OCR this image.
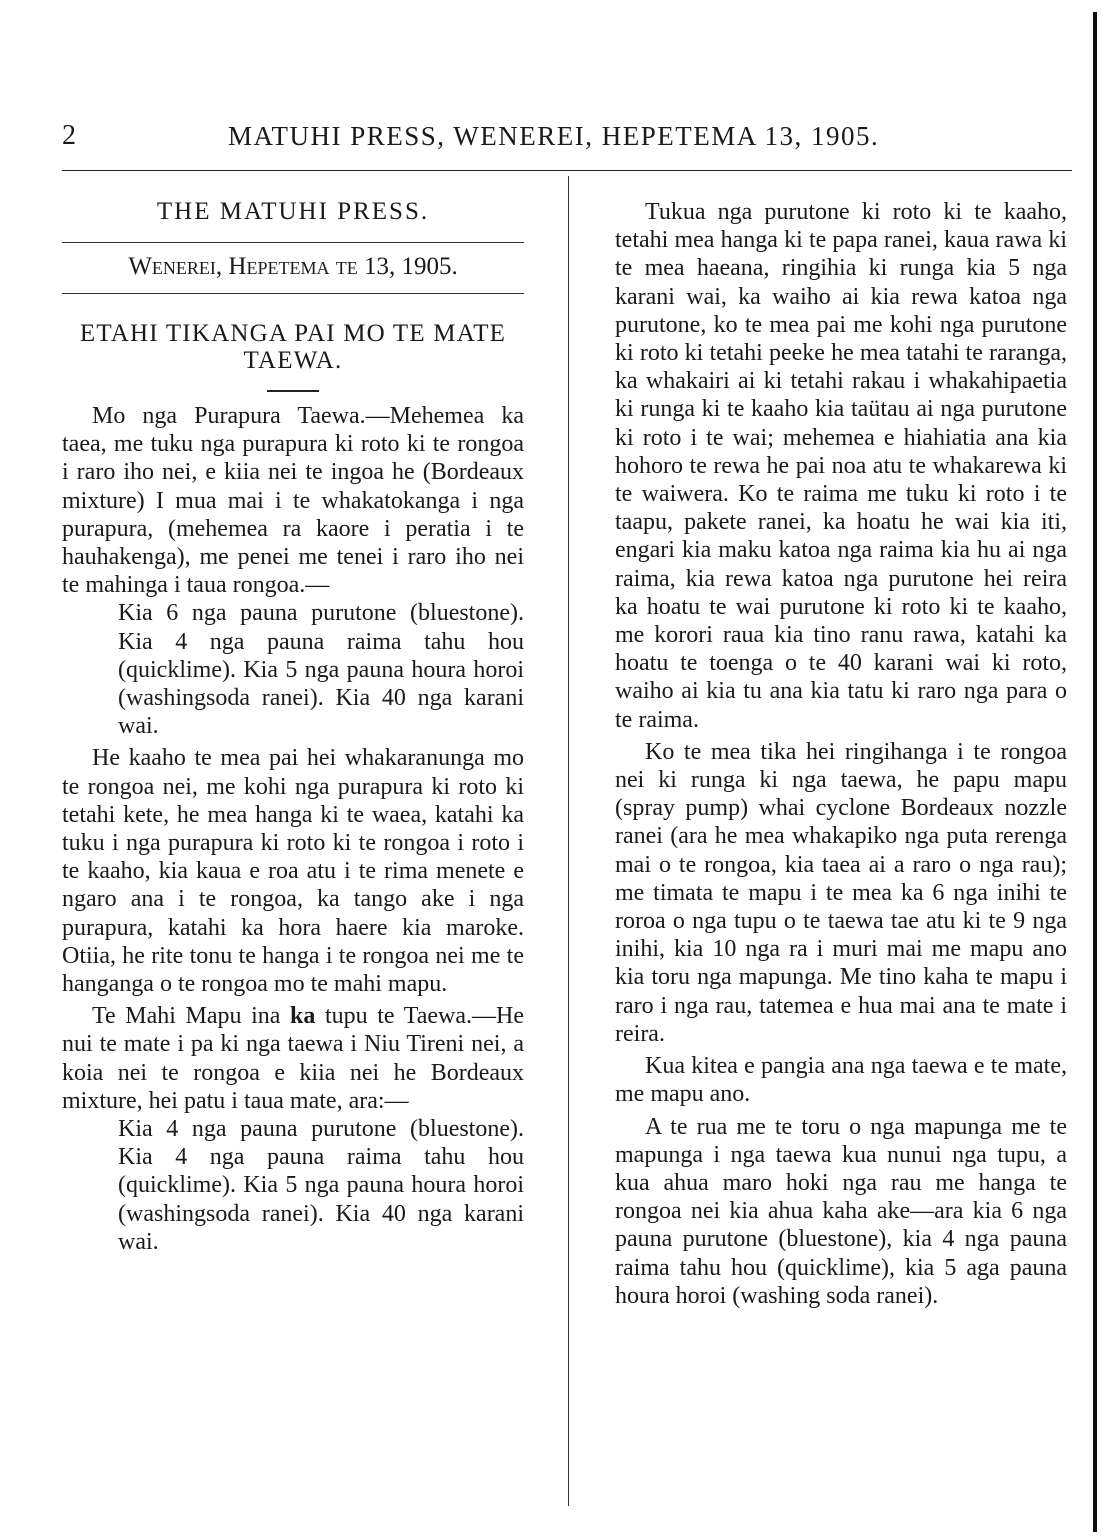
2	MATUHI PRESS, WENEREI, HEPETEMA 13, 1905.
THE MATUHI PRESS.
Wenerei, Hepetema te 13, 1905.
ETAHI TIKANGA PAI MO TE MATE TAEWA.

Mo nga Purapura Taewa.—Mehemea ka taea, me tuku nga purapura ki roto ki te rongoa i raro iho nei, e kiia nei te ingoa he (Bordeaux mixture) I mua mai i te whakatokanga i nga purapura, (mehemea ra kaore i peratia i te hauhakenga), me penei me tenei i raro iho nei te mahinga i taua rongoa.—

Kia 6 nga pauna purutone (bluestone). Kia 4 nga pauna raima tahu hou (quicklime). Kia 5 nga pauna houra horoi (washingsoda ranei). Kia 40 nga karani wai.

He kaaho te mea pai hei whakaranunga mo te rongoa nei, me kohi nga purapura ki roto ki tetahi kete, he mea hanga ki te waea, katahi ka tuku i nga purapura ki roto ki te rongoa i roto i te kaaho, kia kaua e roa atu i te rima menete e ngaro ana i te rongoa, ka tango ake i nga purapura, katahi ka hora haere kia maroke. Otiia, he rite tonu te hanga i te rongoa nei me te hanganga o te rongoa mo te mahi mapu.

Te Mahi Mapu ina ka tupu te Taewa.—He nui te mate i pa ki nga taewa i Niu Tireni nei, a koia nei te rongoa e kiia nei he Bordeaux mixture, hei patu i taua mate, ara:—

Kia 4 nga pauna purutone (bluestone). Kia 4 nga pauna raima tahu hou (quicklime). Kia 5 nga pauna houra horoi (washingsoda ranei). Kia 40 nga karani wai.

Tukua nga purutone ki roto ki te kaaho, tetahi mea hanga ki te papa ranei, kaua rawa ki te mea haeana, ringihia ki runga kia 5 nga karani wai, ka waiho ai kia rewa katoa nga purutone, ko te mea pai me kohi nga purutone ki roto ki tetahi peeke he mea tatahi te raranga, ka whakairi ai ki tetahi rakau i whakahipaetia ki runga ki te kaaho kia taütau ai nga purutone ki roto i te wai; mehemea e hiahiatia ana kia hohoro te rewa he pai noa atu te whakarewa ki te waiwera. Ko te raima me tuku ki roto i te taapu, pakete ranei, ka hoatu he wai kia iti, engari kia maku katoa nga raima kia hu ai nga raima, kia rewa katoa nga purutone hei reira ka hoatu te wai purutone ki roto ki te kaaho, me korori raua kia tino ranu rawa, katahi ka hoatu te toenga o te 40 karani wai ki roto, waiho ai kia tu ana kia tatu ki raro nga para o te raima.

Ko te mea tika hei ringihanga i te rongoa nei ki runga ki nga taewa, he papu mapu (spray pump) whai cyclone Bordeaux nozzle ranei (ara he mea whakapiko nga puta rerenga mai o te rongoa, kia taea ai a raro o nga rau); me timata te mapu i te mea ka 6 nga inihi te roroa o nga tupu o te taewa tae atu ki te 9 nga inihi, kia 10 nga ra i muri mai me mapu ano kia toru nga mapunga. Me tino kaha te mapu i raro i nga rau, tatemea e hua mai ana te mate i reira.

Kua kitea e pangia ana nga taewa e te mate, me mapu ano.

A te rua me te toru o nga mapunga me te mapunga i nga taewa kua nunui nga tupu, a kua ahua maro hoki nga rau me hanga te rongoa nei kia ahua kaha ake—ara kia 6 nga pauna purutone (bluestone), kia 4 nga pauna raima tahu hou (quicklime), kia 5 aga pauna houra horoi (washing soda ranei).
